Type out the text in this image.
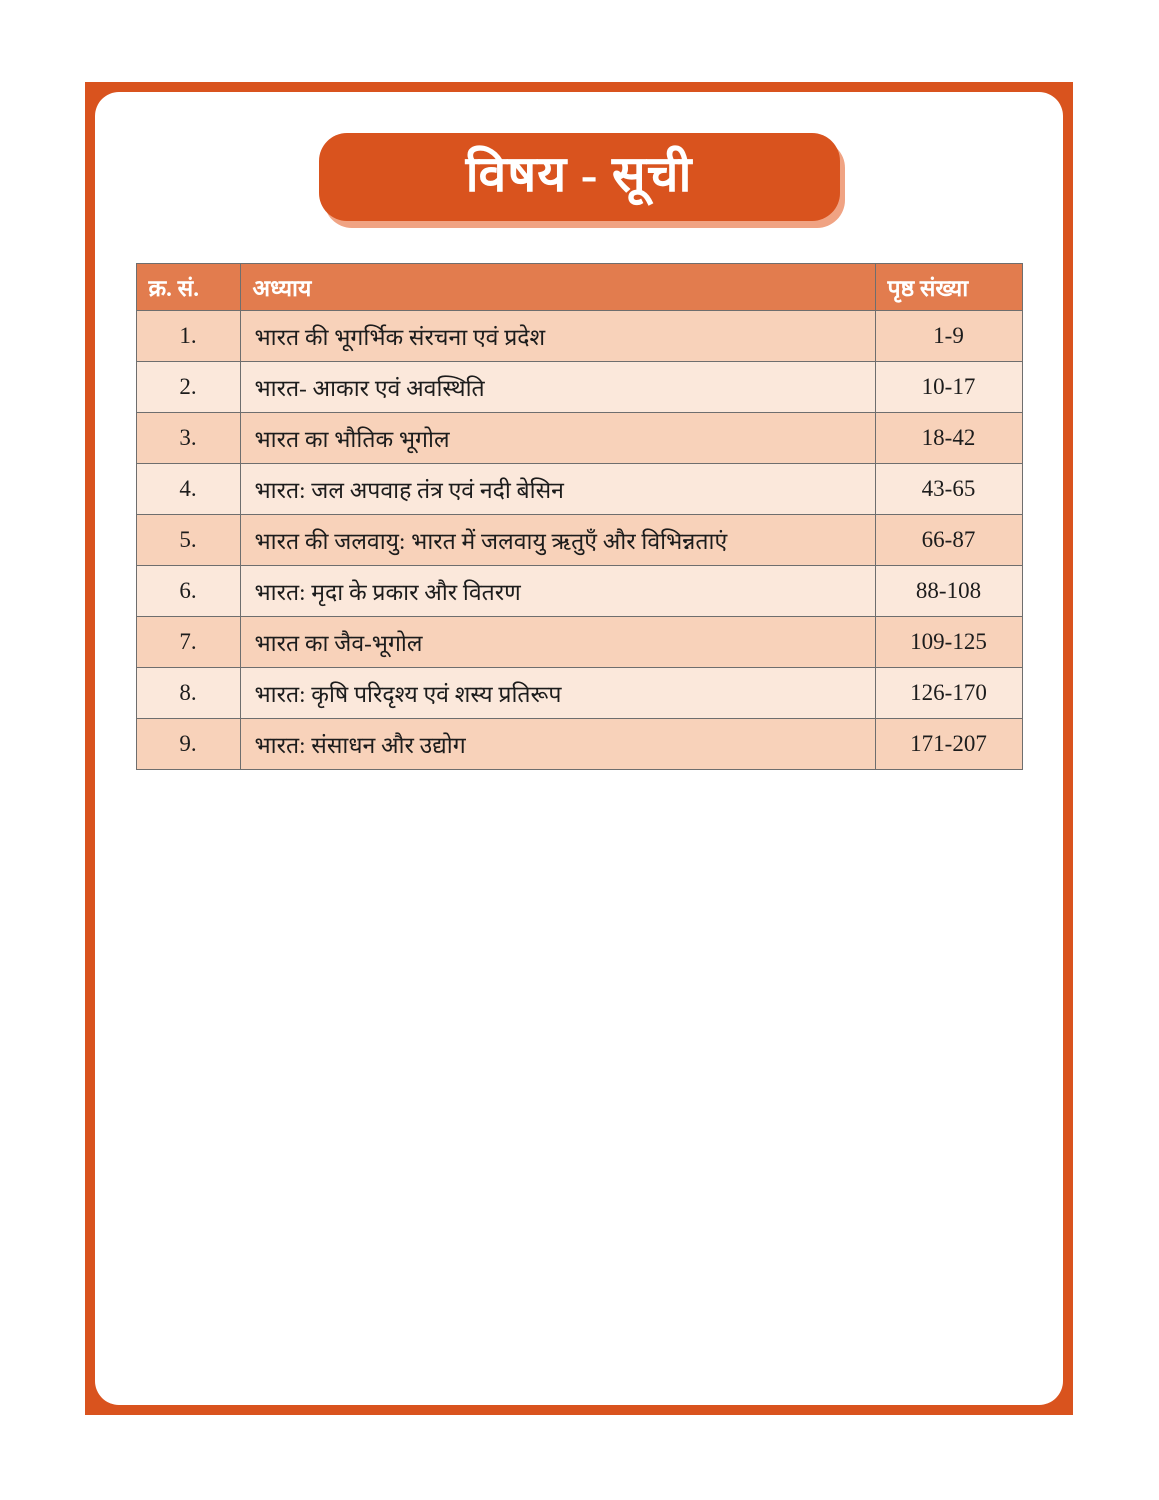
विषय - सूची
क्र. सं.	अध्याय	पृष्ठ संख्या
1.	भारत की भूगर्भिक संरचना एवं प्रदेश	1-9
2.	भारत- आकार एवं अवस्थिति	10-17
3.	भारत का भौतिक भूगोल	18-42
4.	भारत: जल अपवाह तंत्र एवं नदी बेसिन	43-65
5.	भारत की जलवायु: भारत में जलवायु ऋतुएँ और विभिन्नताएं	66-87
6.	भारत: मृदा के प्रकार और वितरण	88-108
7.	भारत का जैव-भूगोल	109-125
8.	भारत: कृषि परिदृश्य एवं शस्य प्रतिरूप	126-170
9.	भारत: संसाधन और उद्योग	171-207
